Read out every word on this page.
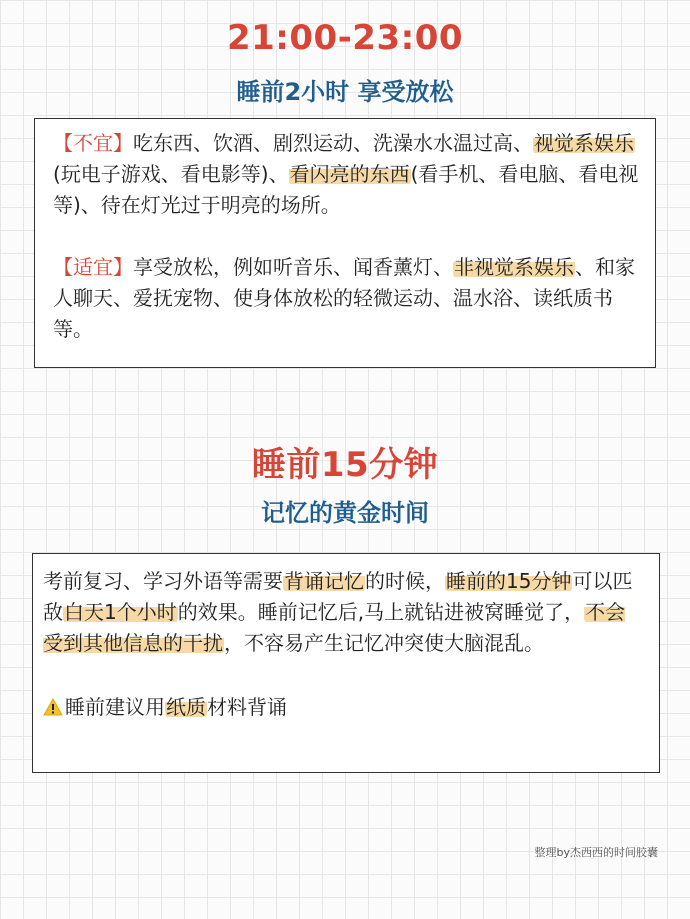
21:00-23:00
睡前2小时 享受放松

【不宜】吃东西、饮酒、剧烈运动、洗澡水水温过高、视觉系娱乐(玩电子游戏、看电影等)、看闪亮的东西(看手机、看电脑、看电视等)、待在灯光过于明亮的场所。

【适宜】享受放松，例如听音乐、闻香薰灯、非视觉系娱乐、和家人聊天、爱抚宠物、使身体放松的轻微运动、温水浴、读纸质书等。

睡前15分钟
记忆的黄金时间

考前复习、学习外语等需要背诵记忆的时候，睡前的15分钟可以匹敌白天1个小时的效果。睡前记忆后,马上就钻进被窝睡觉了，不会受到其他信息的干扰，不容易产生记忆冲突使大脑混乱。

睡前建议用纸质材料背诵

整理by杰西西的时间胶囊
